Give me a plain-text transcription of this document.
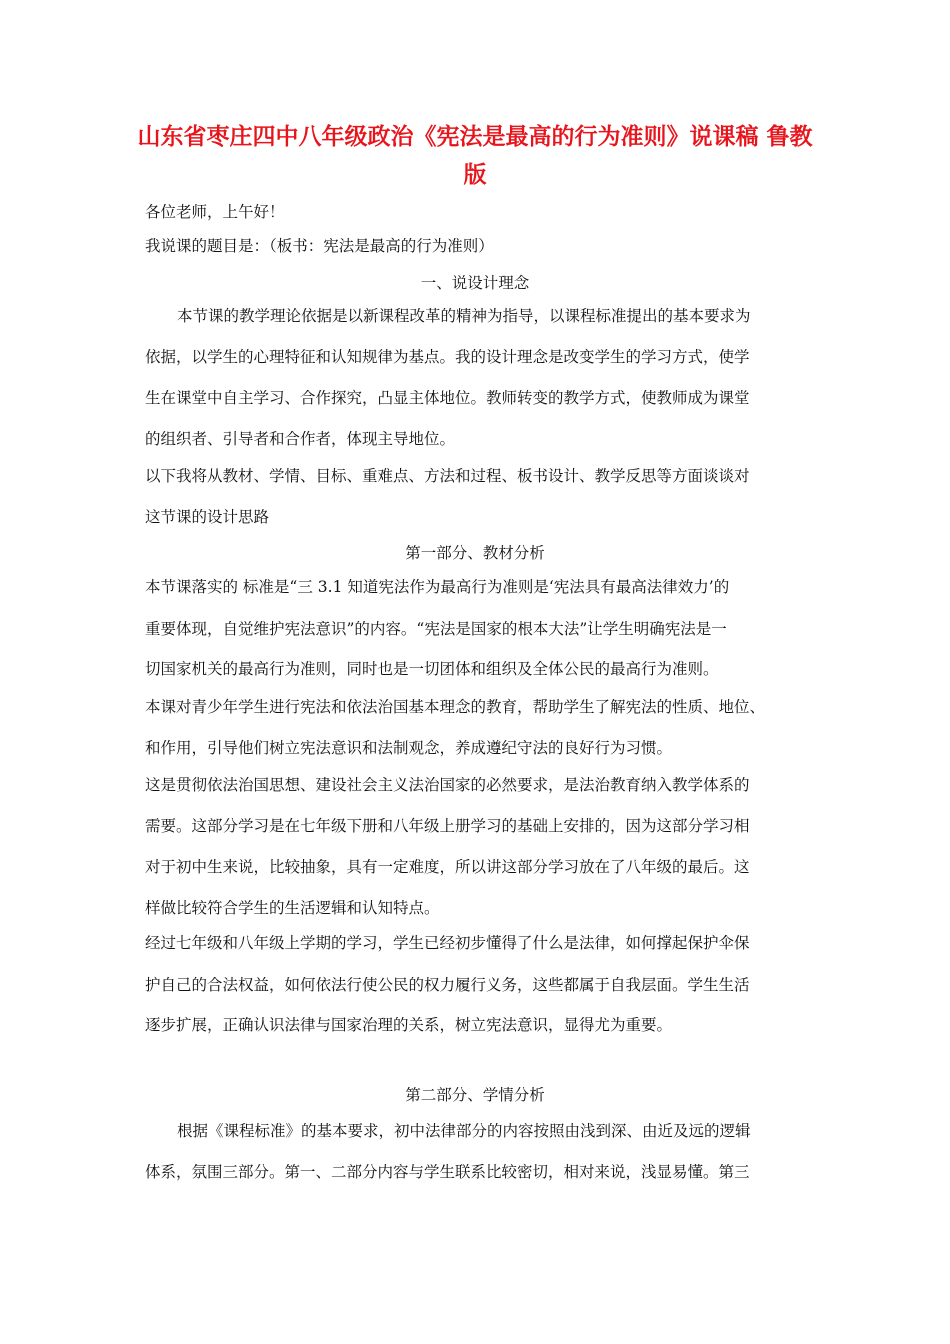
山东省枣庄四中八年级政治《宪法是最高的行为准则》说课稿 鲁教
版
各位老师，上午好！
我说课的题目是：（板书：宪法是最高的行为准则）
一、说设计理念
本节课的教学理论依据是以新课程改革的精神为指导，以课程标准提出的基本要求为
依据，以学生的心理特征和认知规律为基点。我的设计理念是改变学生的学习方式，使学
生在课堂中自主学习、合作探究，凸显主体地位。教师转变的教学方式，使教师成为课堂
的组织者、引导者和合作者，体现主导地位。
以下我将从教材、学情、目标、重难点、方法和过程、板书设计、教学反思等方面谈谈对
这节课的设计思路
第一部分、教材分析
本节课落实的 标准是“三 3.1 知道宪法作为最高行为准则是‘宪法具有最高法律效力’的
重要体现，自觉维护宪法意识”的内容。“宪法是国家的根本大法”让学生明确宪法是一
切国家机关的最高行为准则，同时也是一切团体和组织及全体公民的最高行为准则。
本课对青少年学生进行宪法和依法治国基本理念的教育，帮助学生了解宪法的性质、地位、
和作用，引导他们树立宪法意识和法制观念，养成遵纪守法的良好行为习惯。
这是贯彻依法治国思想、建设社会主义法治国家的必然要求，是法治教育纳入教学体系的
需要。这部分学习是在七年级下册和八年级上册学习的基础上安排的，因为这部分学习相
对于初中生来说，比较抽象，具有一定难度，所以讲这部分学习放在了八年级的最后。这
样做比较符合学生的生活逻辑和认知特点。
经过七年级和八年级上学期的学习，学生已经初步懂得了什么是法律，如何撑起保护伞保
护自己的合法权益，如何依法行使公民的权力履行义务，这些都属于自我层面。学生生活
逐步扩展，正确认识法律与国家治理的关系，树立宪法意识，显得尤为重要。
第二部分、学情分析
根据《课程标准》的基本要求，初中法律部分的内容按照由浅到深、由近及远的逻辑
体系，氛围三部分。第一、二部分内容与学生联系比较密切，相对来说，浅显易懂。第三
